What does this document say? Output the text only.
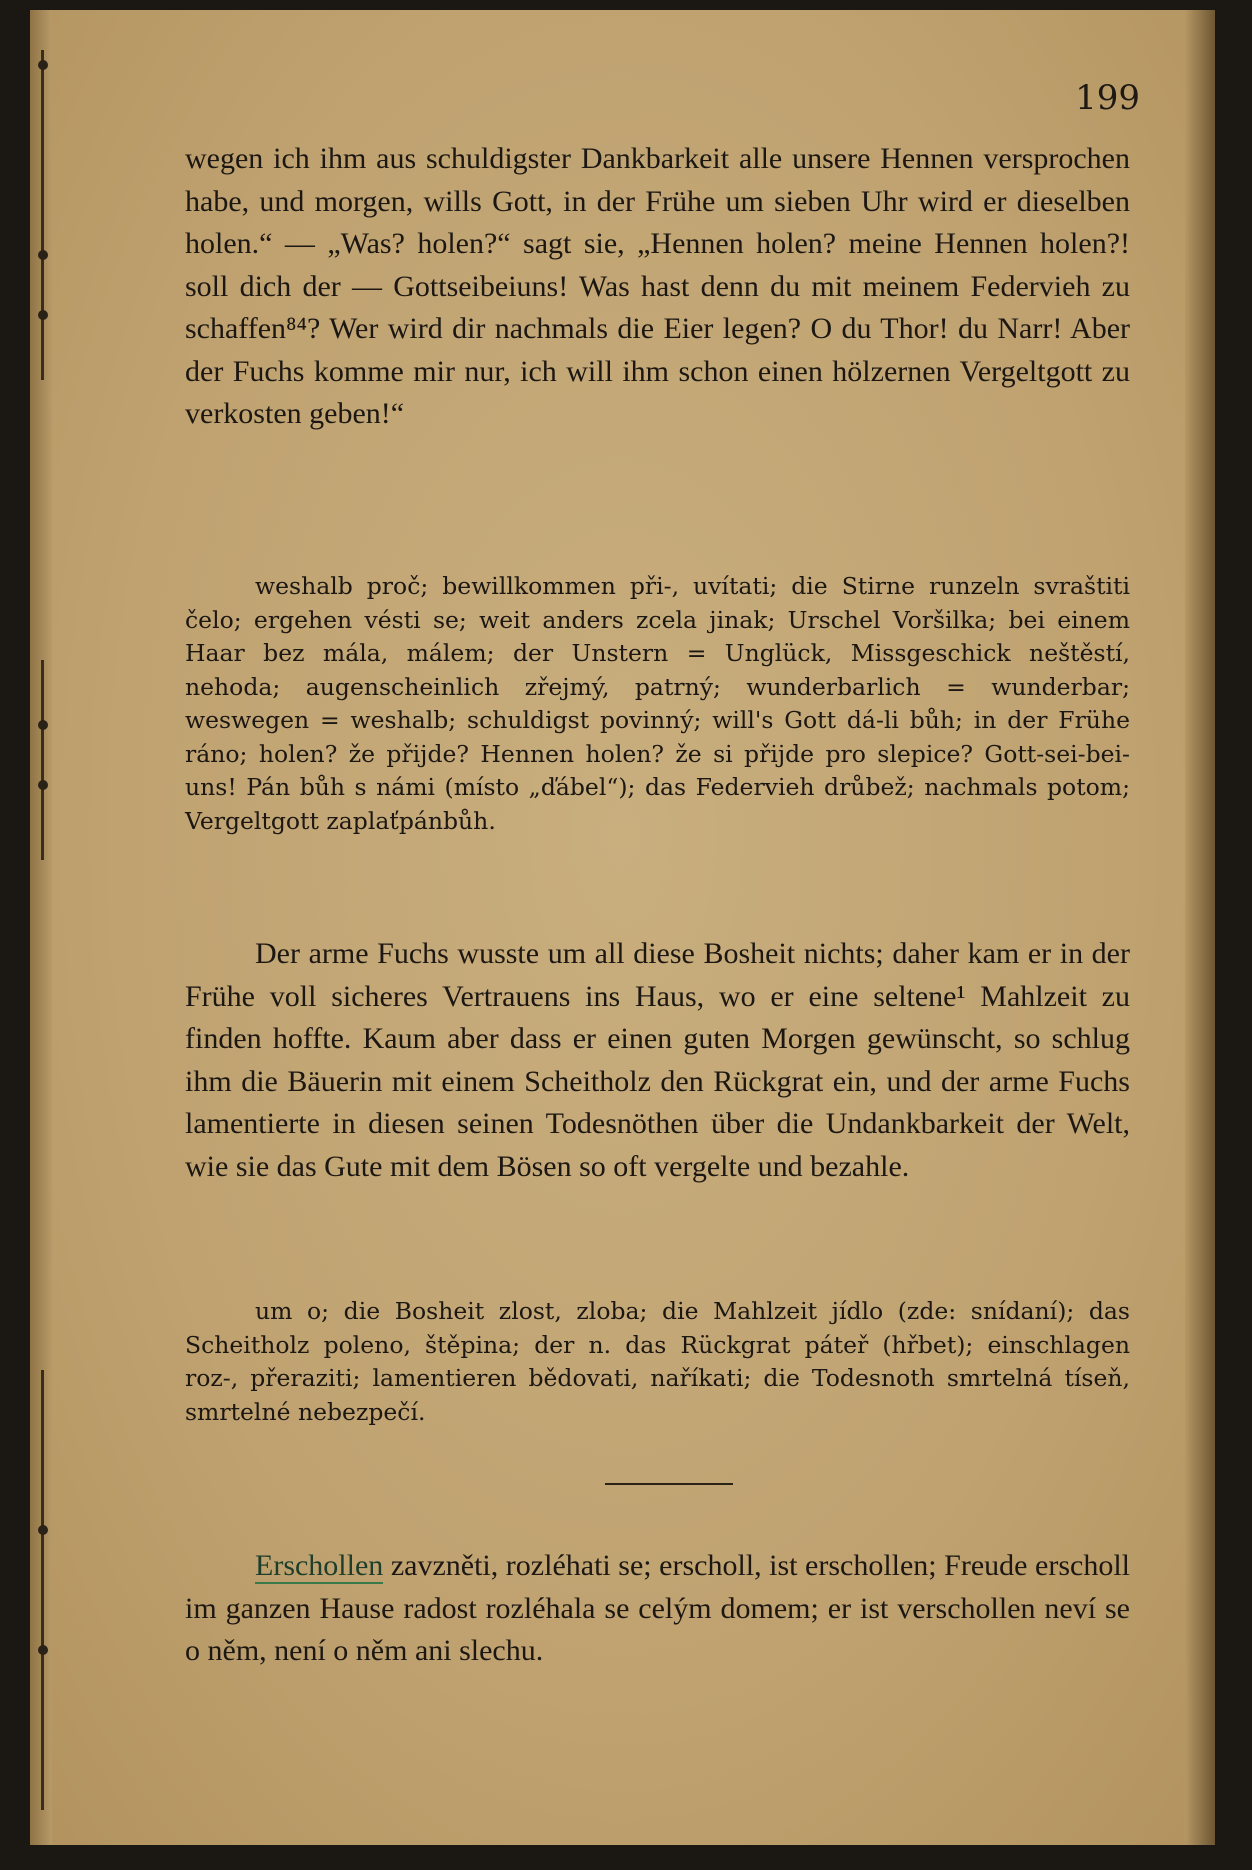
199

wegen ich ihm aus schuldigster Dankbarkeit alle unsere Hennen versprochen habe, und morgen, wills Gott, in der Frühe um sieben Uhr wird er dieselben holen.“ — „Was? holen?“ sagt sie, „Hennen holen? meine Hennen holen?! soll dich der — Gottseibeiuns! Was hast denn du mit meinem Federvieh zu schaffen⁸⁴? Wer wird dir nachmals die Eier legen? O du Thor! du Narr! Aber der Fuchs komme mir nur, ich will ihm schon einen hölzernen Vergeltgott zu verkosten geben!“

weshalb proč; bewillkommen při-, uvítati; die Stirne runzeln svraštiti čelo; ergehen vésti se; weit anders zcela jinak; Urschel Voršilka; bei einem Haar bez mála, málem; der Unstern = Unglück, Missgeschick neštěstí, nehoda; augenscheinlich zřejmý, patrný; wunderbarlich = wunderbar; weswegen = weshalb; schuldigst povinný; will's Gott dá-li bůh; in der Frühe ráno; holen? že přijde? Hennen holen? že si přijde pro slepice? Gott-sei-bei-uns! Pán bůh s námi (místo „ďábel“); das Federvieh drůbež; nachmals potom; Vergeltgott zaplaťpánbůh.

Der arme Fuchs wusste um all diese Bosheit nichts; daher kam er in der Frühe voll sicheres Vertrauens ins Haus, wo er eine seltene¹ Mahlzeit zu finden hoffte. Kaum aber dass er einen guten Morgen gewünscht, so schlug ihm die Bäuerin mit einem Scheitholz den Rückgrat ein, und der arme Fuchs lamentierte in diesen seinen Todesnöthen über die Undankbarkeit der Welt, wie sie das Gute mit dem Bösen so oft vergelte und bezahle.

um o; die Bosheit zlost, zloba; die Mahlzeit jídlo (zde: snídaní); das Scheitholz poleno, štěpina; der n. das Rückgrat páteř (hřbet); einschlagen roz-, přeraziti; lamentieren bědovati, naříkati; die Todesnoth smrtelná tíseň, smrtelné nebezpečí.

Erschollen zavzněti, rozléhati se; erscholl, ist erschollen; Freude erscholl im ganzen Hause radost rozléhala se celým domem; er ist verschollen neví se o něm, není o něm ani slechu.
